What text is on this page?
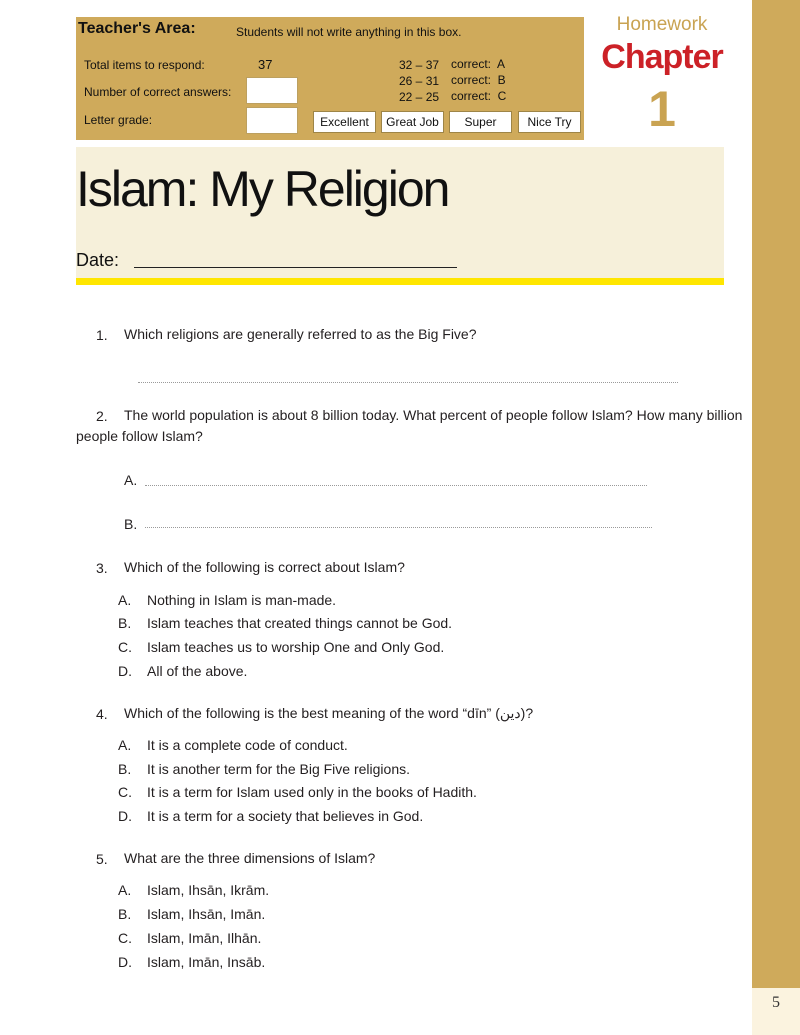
5
Teacher's Area:	Students will not write anything in this box.
Total items to respond:	37
Number of correct answers:
Letter grade:
32 – 37 correct:  A
26 – 31 correct:  B
22 – 25 correct:  C
Excellent	Great Job	Super	Nice Try
Homework
Chapter
1
Islam: My Religion
Date:
1. Which religions are generally referred to as the Big Five?
2. The world population is about 8 billion today. What percent of people follow Islam? How many billion
people follow Islam?
A.
B.
3. Which of the following is correct about Islam?
A. Nothing in Islam is man-made.
B. Islam teaches that created things cannot be God.
C. Islam teaches us to worship One and Only God.
D. All of the above.
4. Which of the following is the best meaning of the word “dīn” (دين)?
A. It is a complete code of conduct.
B. It is another term for the Big Five religions.
C. It is a term for Islam used only in the books of Hadith.
D. It is a term for a society that believes in God.
5. What are the three dimensions of Islam?
A. Islam, Ihsān, Ikrām.
B. Islam, Ihsān, Imān.
C. Islam, Imān, Ilhān.
D. Islam, Imān, Insāb.
